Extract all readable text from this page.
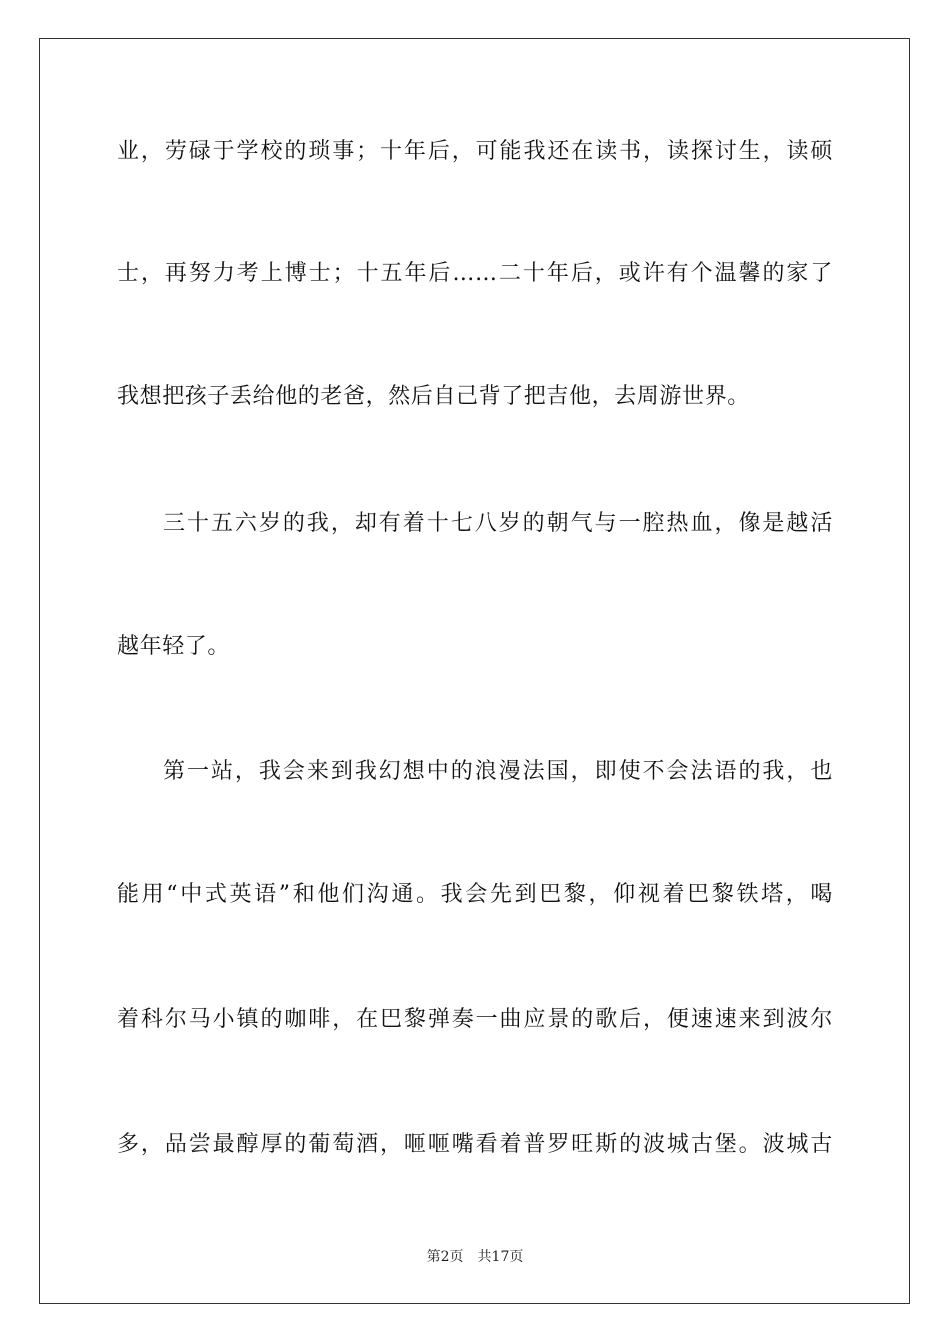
业，劳碌于学校的琐事；十年后，可能我还在读书，读探讨生，读硕
士，再努力考上博士；十五年后……二十年后，或许有个温馨的家了
我想把孩子丢给他的老爸，然后自己背了把吉他，去周游世界。
三十五六岁的我，却有着十七八岁的朝气与一腔热血，像是越活
越年轻了。
第一站，我会来到我幻想中的浪漫法国，即使不会法语的我，也
能用“中式英语”和他们沟通。我会先到巴黎，仰视着巴黎铁塔，喝
着科尔马小镇的咖啡，在巴黎弹奏一曲应景的歌后，便速速来到波尔
多，品尝最醇厚的葡萄酒，咂咂嘴看着普罗旺斯的波城古堡。波城古
第2页 共17页
